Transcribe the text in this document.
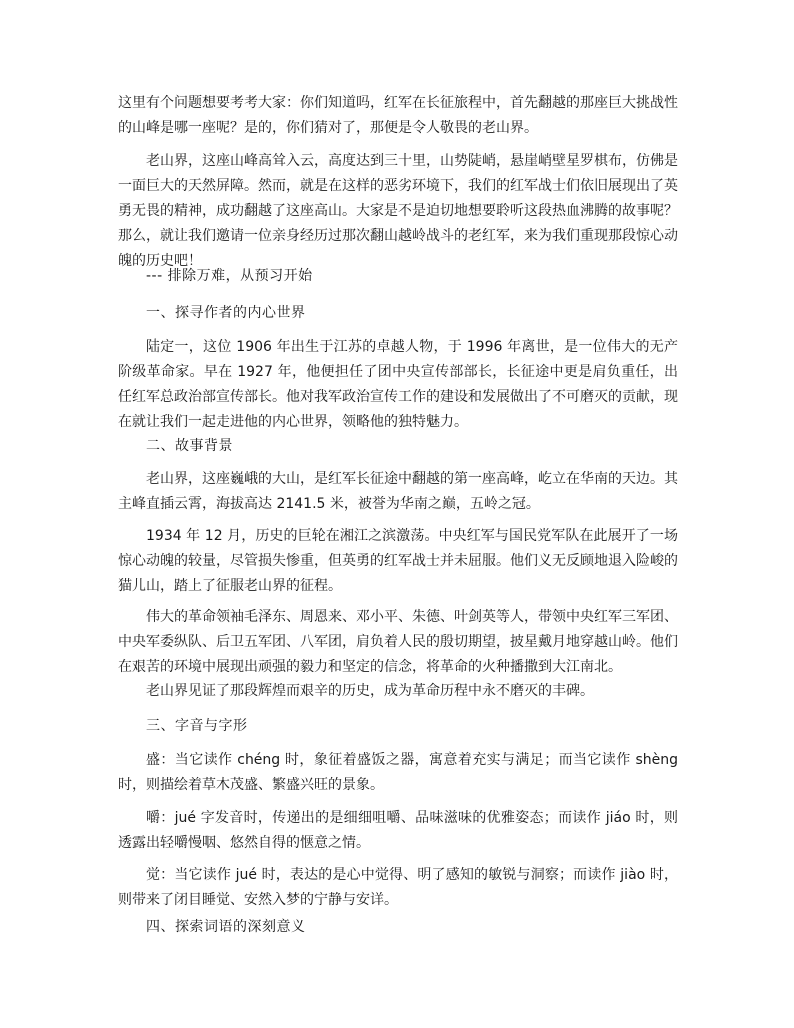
这里有个问题想要考考大家：你们知道吗，红军在长征旅程中，首先翻越的那座巨大挑战性的山峰是哪一座呢？是的，你们猜对了，那便是令人敬畏的老山界。

老山界，这座山峰高耸入云，高度达到三十里，山势陡峭，悬崖峭壁星罗棋布，仿佛是一面巨大的天然屏障。然而，就是在这样的恶劣环境下，我们的红军战士们依旧展现出了英勇无畏的精神，成功翻越了这座高山。大家是不是迫切地想要聆听这段热血沸腾的故事呢？那么，就让我们邀请一位亲身经历过那次翻山越岭战斗的老红军，来为我们重现那段惊心动魄的历史吧！

--- 排除万难，从预习开始

一、探寻作者的内心世界

陆定一，这位 1906 年出生于江苏的卓越人物，于 1996 年离世，是一位伟大的无产阶级革命家。早在 1927 年，他便担任了团中央宣传部部长，长征途中更是肩负重任，出任红军总政治部宣传部长。他对我军政治宣传工作的建设和发展做出了不可磨灭的贡献，现在就让我们一起走进他的内心世界，领略他的独特魅力。

二、故事背景

老山界，这座巍峨的大山，是红军长征途中翻越的第一座高峰，屹立在华南的天边。其主峰直插云霄，海拔高达 2141.5 米，被誉为华南之巅，五岭之冠。

1934 年 12 月，历史的巨轮在湘江之滨激荡。中央红军与国民党军队在此展开了一场惊心动魄的较量，尽管损失惨重，但英勇的红军战士并未屈服。他们义无反顾地退入险峻的猫儿山，踏上了征服老山界的征程。

伟大的革命领袖毛泽东、周恩来、邓小平、朱德、叶剑英等人，带领中央红军三军团、中央军委纵队、后卫五军团、八军团，肩负着人民的殷切期望，披星戴月地穿越山岭。他们在艰苦的环境中展现出顽强的毅力和坚定的信念，将革命的火种播撒到大江南北。

老山界见证了那段辉煌而艰辛的历史，成为革命历程中永不磨灭的丰碑。

三、字音与字形

盛：当它读作 chéng 时，象征着盛饭之器，寓意着充实与满足；而当它读作 shèng 时，则描绘着草木茂盛、繁盛兴旺的景象。

嚼：jué 字发音时，传递出的是细细咀嚼、品味滋味的优雅姿态；而读作 jiáo 时，则透露出轻嚼慢咽、悠然自得的惬意之情。

觉：当它读作 jué 时，表达的是心中觉得、明了感知的敏锐与洞察；而读作 jiào 时，则带来了闭目睡觉、安然入梦的宁静与安详。

四、探索词语的深刻意义
